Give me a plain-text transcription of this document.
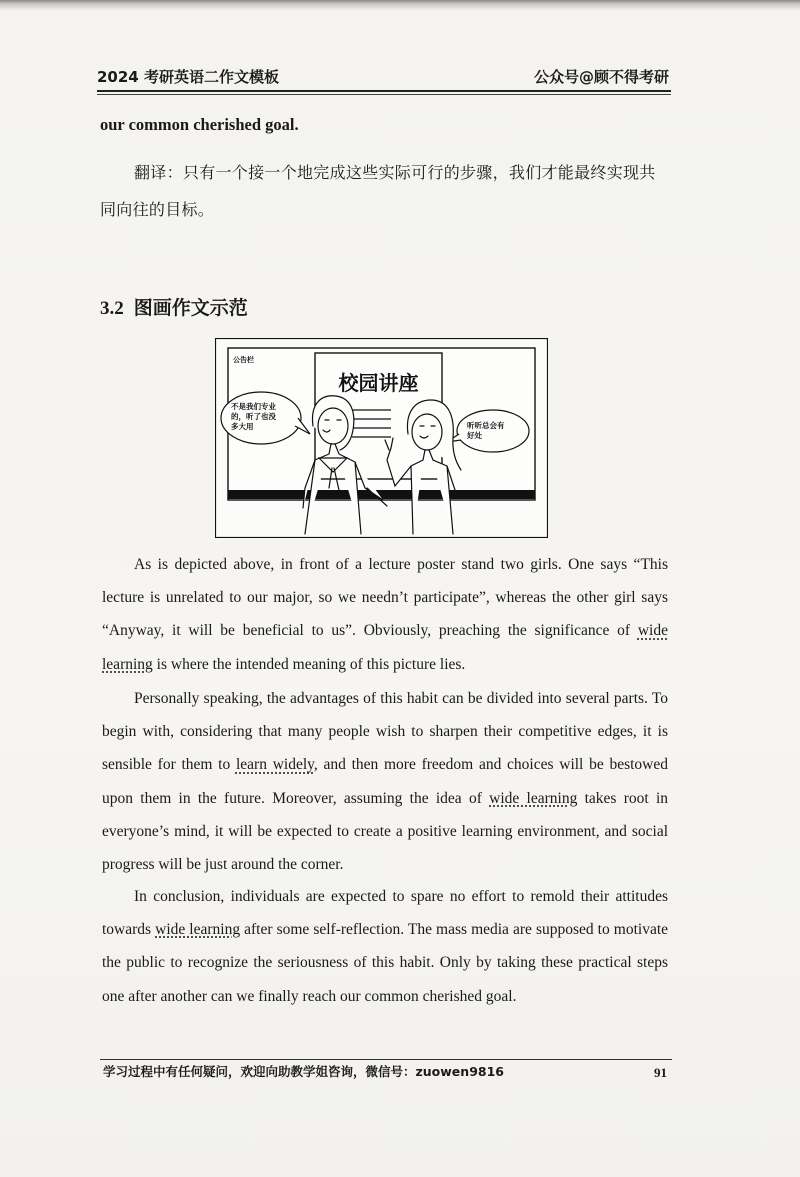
2024 考研英语二作文模板	公众号@顾不得考研
our common cherished goal.
翻译：只有一个接一个地完成这些实际可行的步骤，我们才能最终实现共同向往的目标。
3.2 图画作文示范
公告栏
校园讲座
不是我们专业 的，听了也没 多大用	听听总会有 好处
As is depicted above, in front of a lecture poster stand two girls. One says “This lecture is unrelated to our major, so we needn’t participate”, whereas the other girl says “Anyway, it will be beneficial to us”. Obviously, preaching the significance of wide learning is where the intended meaning of this picture lies.
Personally speaking, the advantages of this habit can be divided into several parts. To begin with, considering that many people wish to sharpen their competitive edges, it is sensible for them to learn widely, and then more freedom and choices will be bestowed upon them in the future. Moreover, assuming the idea of wide learning takes root in everyone’s mind, it will be expected to create a positive learning environment, and social progress will be just around the corner.
In conclusion, individuals are expected to spare no effort to remold their attitudes towards wide learning after some self-reflection. The mass media are supposed to motivate the public to recognize the seriousness of this habit. Only by taking these practical steps one after another can we finally reach our common cherished goal.
学习过程中有任何疑问，欢迎向助教学姐咨询，微信号：zuowen9816	91
